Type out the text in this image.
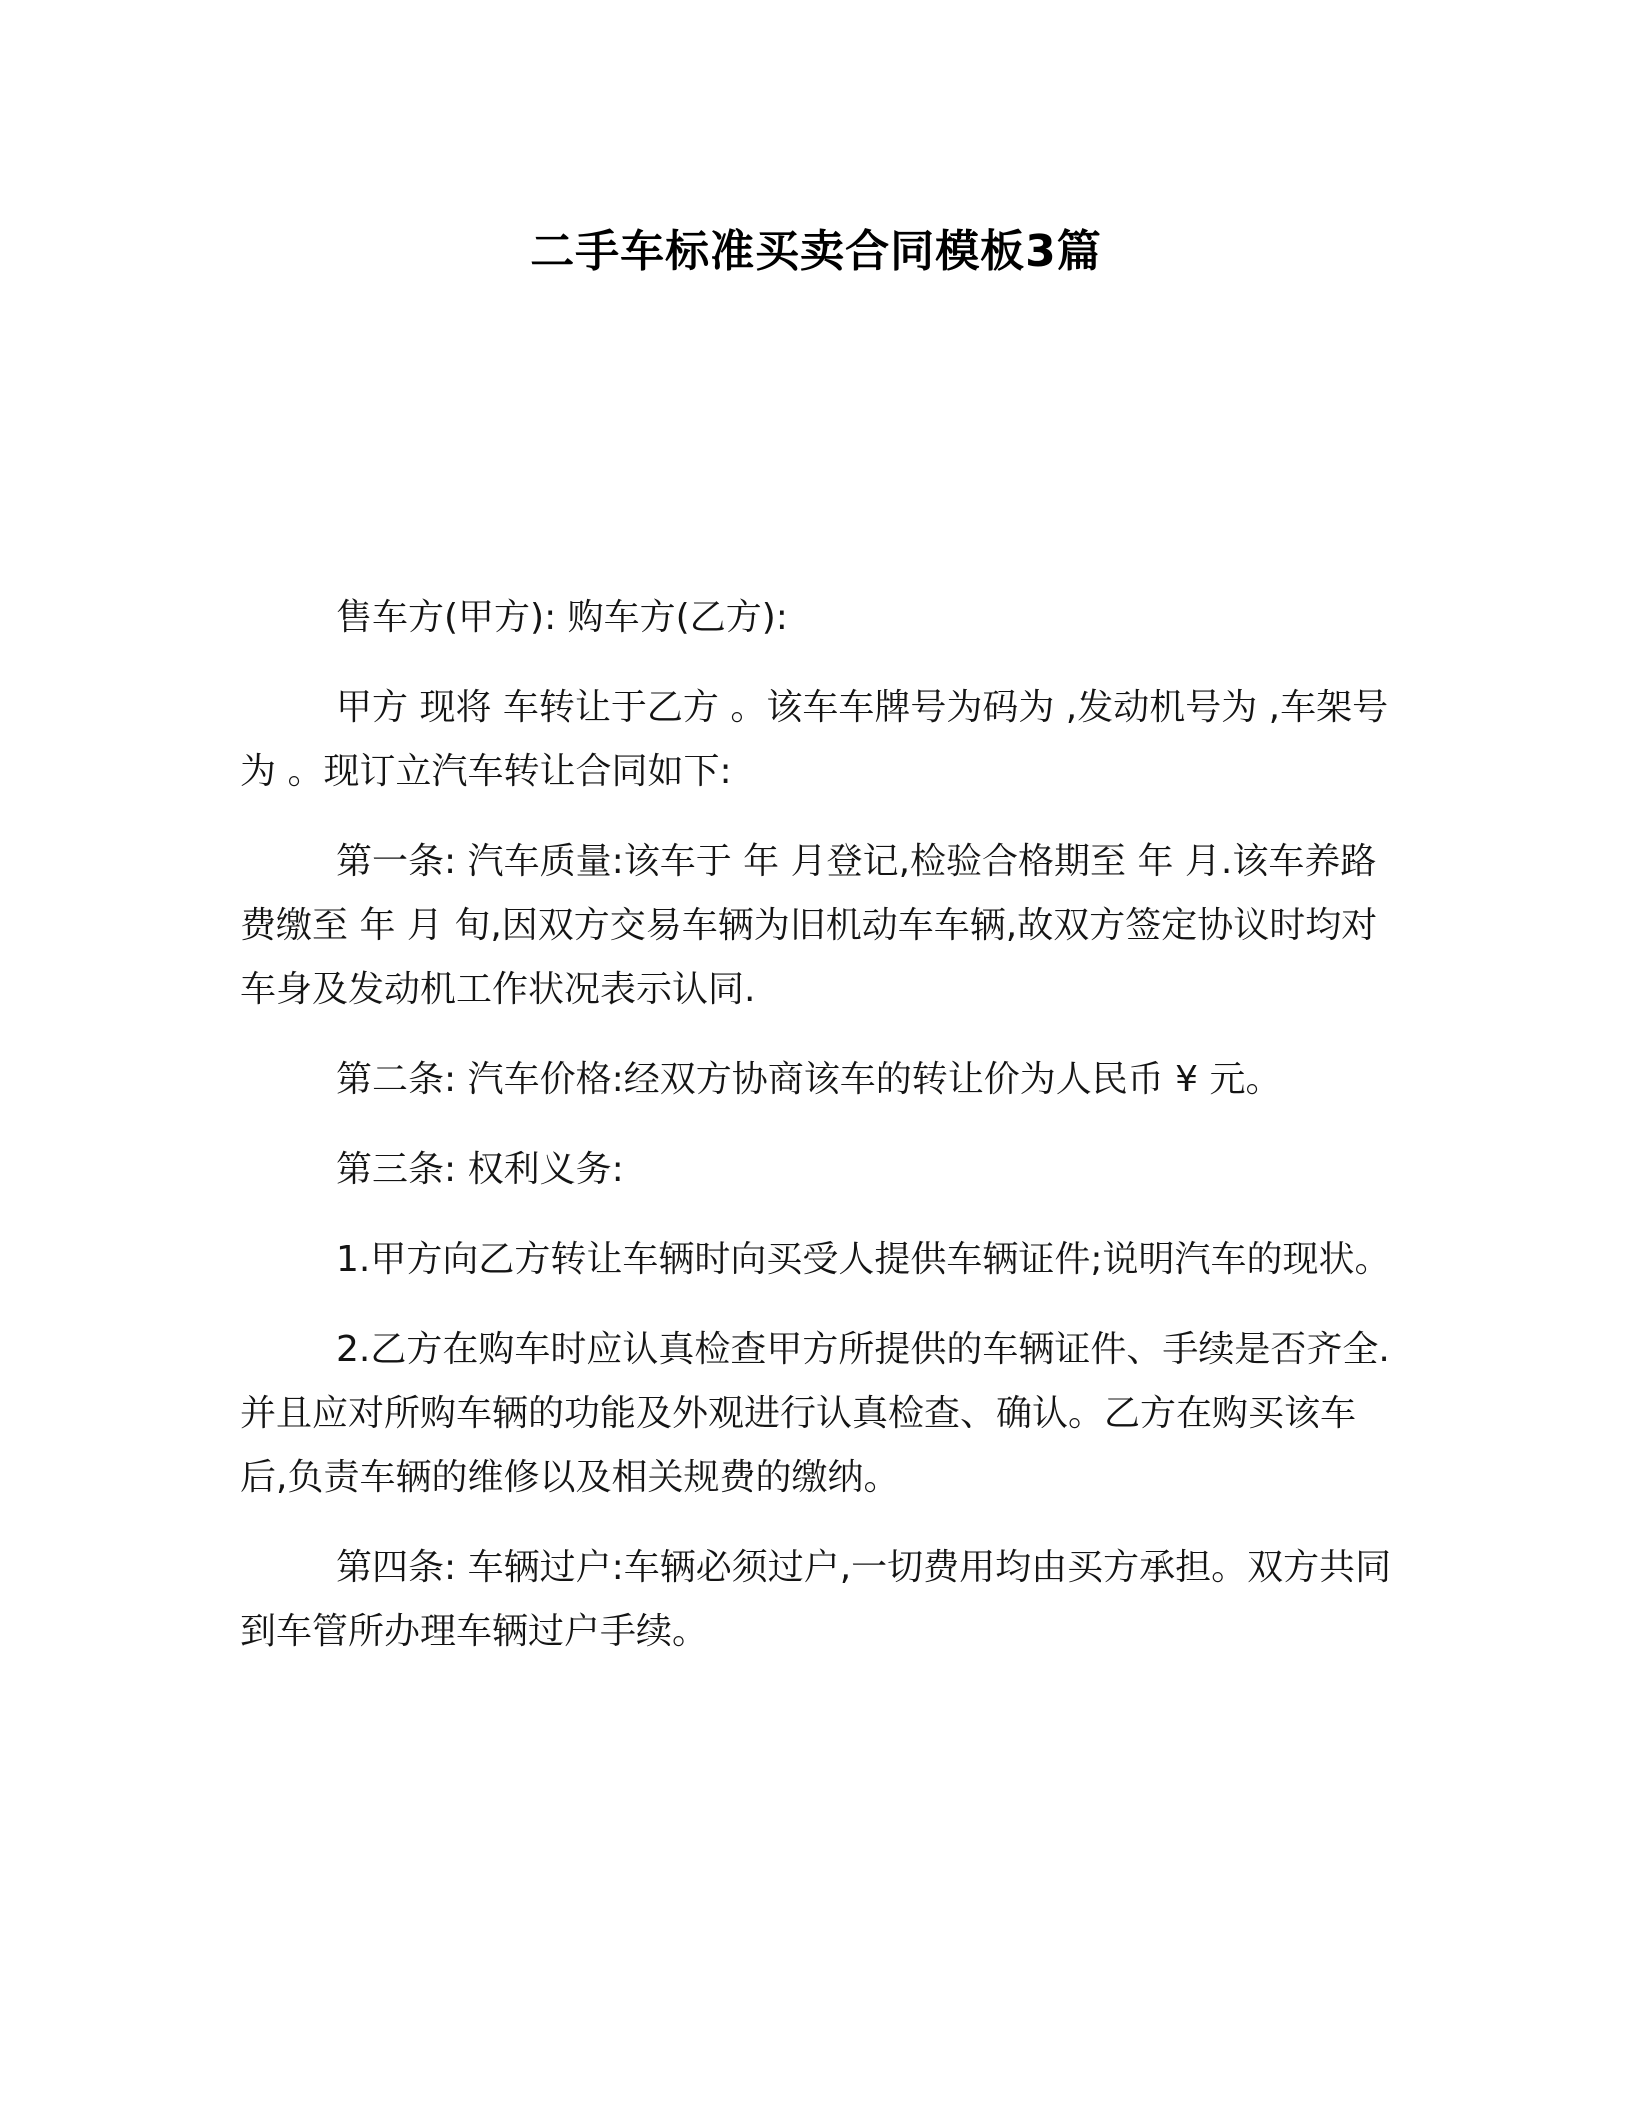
二手车标准买卖合同模板3篇

售车方(甲方): 购车方(乙方):

甲方 现将 车转让于乙方 。该车车牌号为码为 ,发动机号为 ,车架号为 。现订立汽车转让合同如下:

第一条: 汽车质量:该车于 年 月登记,检验合格期至 年 月.该车养路费缴至 年 月 旬,因双方交易车辆为旧机动车车辆,故双方签定协议时均对车身及发动机工作状况表示认同.

第二条: 汽车价格:经双方协商该车的转让价为人民币 ¥ 元。

第三条: 权利义务:

1.甲方向乙方转让车辆时向买受人提供车辆证件;说明汽车的现状。

2.乙方在购车时应认真检查甲方所提供的车辆证件、手续是否齐全.并且应对所购车辆的功能及外观进行认真检查、确认。乙方在购买该车后,负责车辆的维修以及相关规费的缴纳。

第四条: 车辆过户:车辆必须过户,一切费用均由买方承担。双方共同到车管所办理车辆过户手续。
